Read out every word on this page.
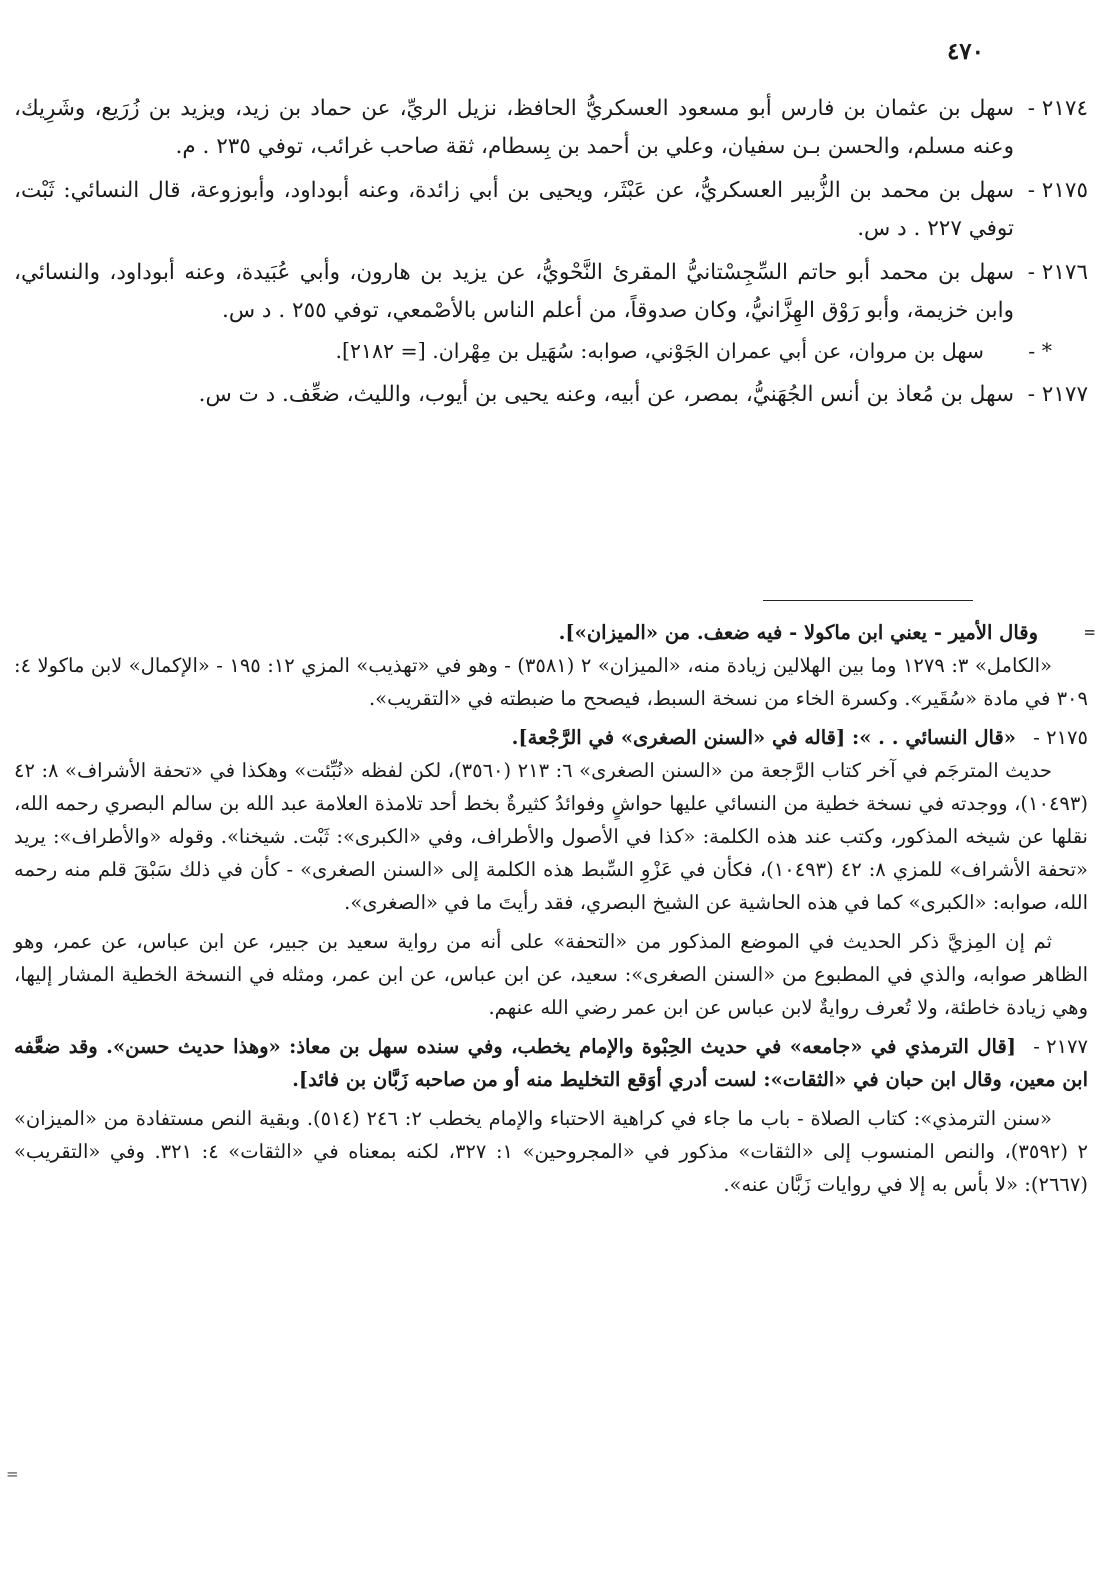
٤٧٠
٢١٧٤ -
سهل بن عثمان بن فارس أبو مسعود العسكريُّ الحافظ، نزيل الريِّ، عن حماد بن زيد، ويزيد بن زُرَيع، وشَرِيك، وعنه مسلم، والحسن بـن سفيان، وعلي بن أحمد بن بِسطام، ثقة صاحب غرائب، توفي ٢٣٥ . م.
٢١٧٥ -
سهل بن محمد بن الزُّبير العسكريُّ، عن عَبْثَر، ويحيى بن أبي زائدة، وعنه أبوداود، وأبوزوعة، قال النسائي: ثَبْت، توفي ٢٢٧ . د س.
٢١٧٦ -
سهل بن محمد أبو حاتم السِّجِسْتانيُّ المقرئ النَّحْويُّ، عن يزيد بن هارون، وأبي عُبَيدة، وعنه أبوداود، والنسائي، وابن خزيمة، وأبو رَوْق الهِزَّانيُّ، وكان صدوقاً، من أعلم الناس بالأصْمعي، توفي ٢٥٥ . د س.
* -
سهل بن مروان، عن أبي عمران الجَوْني، صوابه: سُهَيل بن مِهْران. [= ٢١٨٢].
٢١٧٧ -
سهل بن مُعاذ بن أنس الجُهَنيُّ، بمصر، عن أبيه، وعنه يحيى بن أيوب، والليث، ضعِّف. د ت س.
=
وقال الأمير - يعني ابن ماكولا - فيه ضعف. من «الميزان»].
«الكامل» ٣: ١٢٧٩ وما بين الهلالين زيادة منه، «الميزان» ٢ (٣٥٨١) - وهو في «تهذيب» المزي ١٢: ١٩٥ - «الإكمال» لابن ماكولا ٤: ٣٠٩ في مادة «سُقَير». وكسرة الخاء من نسخة السبط، فيصحح ما ضبطته في «التقريب».
٢١٧٥ -
«قال النسائي . . »: [قاله في «السنن الصغرى» في الرَّجْعة].
حديث المترجَم في آخر كتاب الرَّجعة من «السنن الصغرى» ٦: ٢١٣ (٣٥٦٠)، لكن لفظه «نُبِّئت» وهكذا في «تحفة الأشراف» ٨: ٤٢ (١٠٤٩٣)، ووجدته في نسخة خطية من النسائي عليها حواشٍ وفوائدُ كثيرةٌ بخط أحد تلامذة العلامة عبد الله بن سالم البصري رحمه الله، نقلها عن شيخه المذكور، وكتب عند هذه الكلمة: «كذا في الأصول والأطراف، وفي «الكبرى»: ثَبْت. شيخنا». وقوله «والأطراف»: يريد «تحفة الأشراف» للمزي ٨: ٤٢ (١٠٤٩٣)، فكأن في عَزْوِ السِّبط هذه الكلمة إلى «السنن الصغرى» - كأن في ذلك سَبْقَ قلم منه رحمه الله، صوابه: «الكبرى» كما في هذه الحاشية عن الشيخ البصري، فقد رأيتَ ما في «الصغرى».
ثم إن المِزيَّ ذكر الحديث في الموضع المذكور من «التحفة» على أنه من رواية سعيد بن جبير، عن ابن عباس، عن عمر، وهو الظاهر صوابه، والذي في المطبوع من «السنن الصغرى»: سعيد، عن ابن عباس، عن ابن عمر، ومثله في النسخة الخطية المشار إليها، وهي زيادة خاطئة، ولا تُعرف روايةٌ لابن عباس عن ابن عمر رضي الله عنهم.
٢١٧٧ -
[قال الترمذي في «جامعه» في حديث الحِبْوة والإمام يخطب، وفي سنده سهل بن معاذ: «وهذا حديث حسن». وقد ضعَّفه ابن معين، وقال ابن حبان في «الثقات»: لست أدري أوَقع التخليط منه أو من صاحبه زَبَّان بن فائد].
«سنن الترمذي»: كتاب الصلاة - باب ما جاء في كراهية الاحتباء والإمام يخطب ٢: ٢٤٦ (٥١٤). وبقية النص مستفادة من «الميزان» ٢ (٣٥٩٢)، والنص المنسوب إلى «الثقات» مذكور في «المجروحين» ١: ٣٢٧، لكنه بمعناه في «الثقات» ٤: ٣٢١. وفي «التقريب» (٢٦٦٧): «لا بأس به إلا في روايات زَبَّان عنه».
=
